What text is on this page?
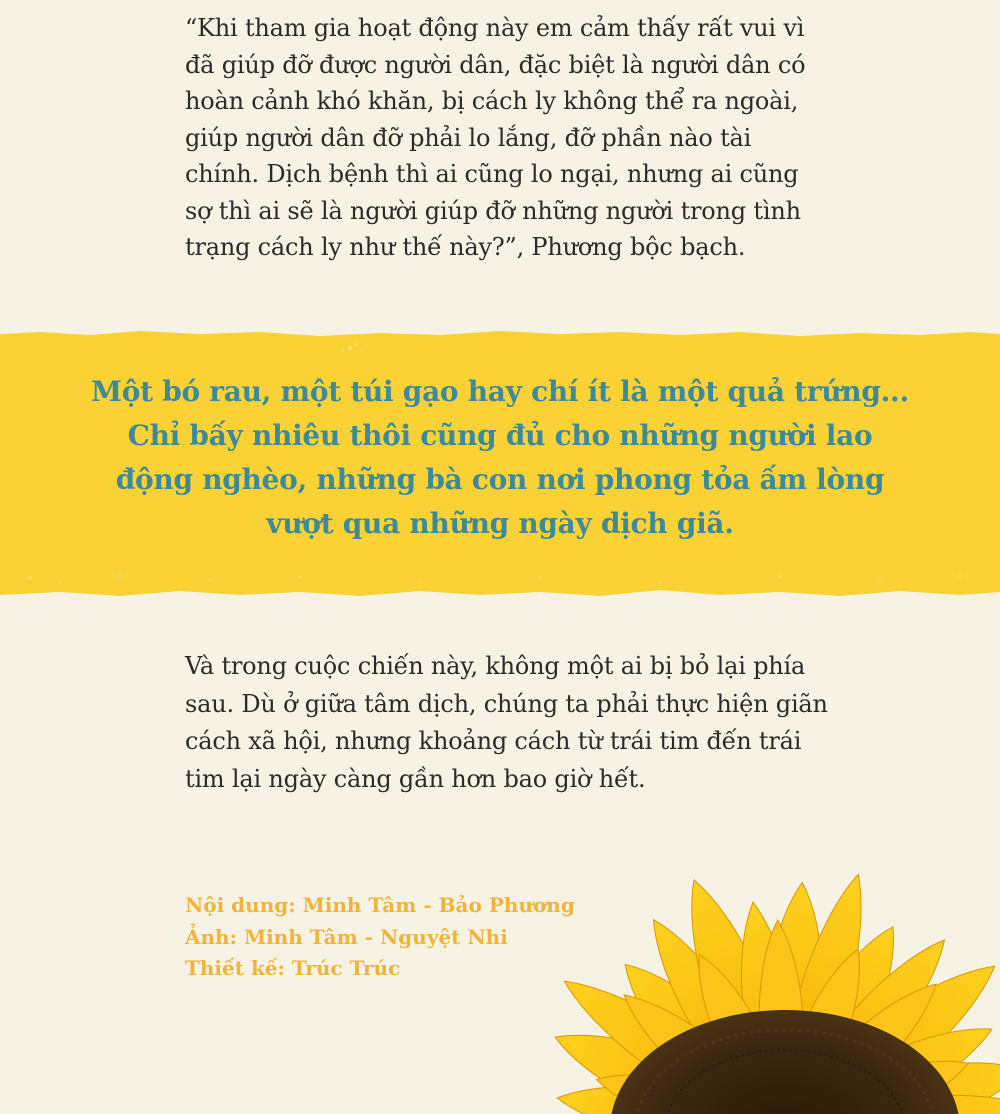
“Khi tham gia hoạt động này em cảm thấy rất vui vì
đã giúp đỡ được người dân, đặc biệt là người dân có
hoàn cảnh khó khăn, bị cách ly không thể ra ngoài,
giúp người dân đỡ phải lo lắng, đỡ phần nào tài
chính. Dịch bệnh thì ai cũng lo ngại, nhưng ai cũng
sợ thì ai sẽ là người giúp đỡ những người trong tình
trạng cách ly như thế này?”, Phương bộc bạch.

Một bó rau, một túi gạo hay chí ít là một quả trứng...
Chỉ bấy nhiêu thôi cũng đủ cho những người lao
động nghèo, những bà con nơi phong tỏa ấm lòng
vượt qua những ngày dịch giã.

Và trong cuộc chiến này, không một ai bị bỏ lại phía
sau. Dù ở giữa tâm dịch, chúng ta phải thực hiện giãn
cách xã hội, nhưng khoảng cách từ trái tim đến trái
tim lại ngày càng gần hơn bao giờ hết.

Nội dung: Minh Tâm - Bảo Phương
Ảnh: Minh Tâm - Nguyệt Nhi
Thiết kế: Trúc Trúc
